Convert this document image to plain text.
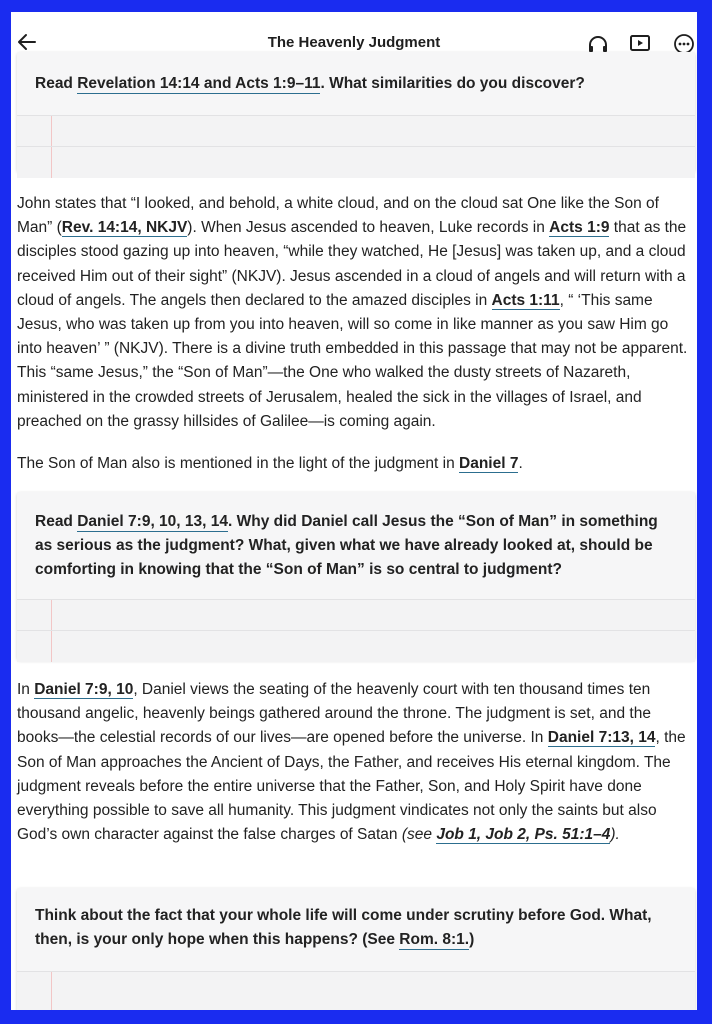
The Heavenly Judgment
Read Revelation 14:14 and Acts 1:9–11. What similarities do you discover?
John states that “I looked, and behold, a white cloud, and on the cloud sat One like the Son of Man” (Rev. 14:14, NKJV). When Jesus ascended to heaven, Luke records in Acts 1:9 that as the disciples stood gazing up into heaven, “while they watched, He [Jesus] was taken up, and a cloud received Him out of their sight” (NKJV). Jesus ascended in a cloud of angels and will return with a cloud of angels. The angels then declared to the amazed disciples in Acts 1:11, “ ‘This same Jesus, who was taken up from you into heaven, will so come in like manner as you saw Him go into heaven’ ” (NKJV). There is a divine truth embedded in this passage that may not be apparent. This “same Jesus,” the “Son of Man”—the One who walked the dusty streets of Nazareth, ministered in the crowded streets of Jerusalem, healed the sick in the villages of Israel, and preached on the grassy hillsides of Galilee—is coming again.
The Son of Man also is mentioned in the light of the judgment in Daniel 7.
Read Daniel 7:9, 10, 13, 14. Why did Daniel call Jesus the “Son of Man” in something as serious as the judgment? What, given what we have already looked at, should be comforting in knowing that the “Son of Man” is so central to judgment?
In Daniel 7:9, 10, Daniel views the seating of the heavenly court with ten thousand times ten thousand angelic, heavenly beings gathered around the throne. The judgment is set, and the books—the celestial records of our lives—are opened before the universe. In Daniel 7:13, 14, the Son of Man approaches the Ancient of Days, the Father, and receives His eternal kingdom. The judgment reveals before the entire universe that the Father, Son, and Holy Spirit have done everything possible to save all humanity. This judgment vindicates not only the saints but also God’s own character against the false charges of Satan (see Job 1, Job 2, Ps. 51:1–4).
Think about the fact that your whole life will come under scrutiny before God. What, then, is your only hope when this happens? (See Rom. 8:1.)
